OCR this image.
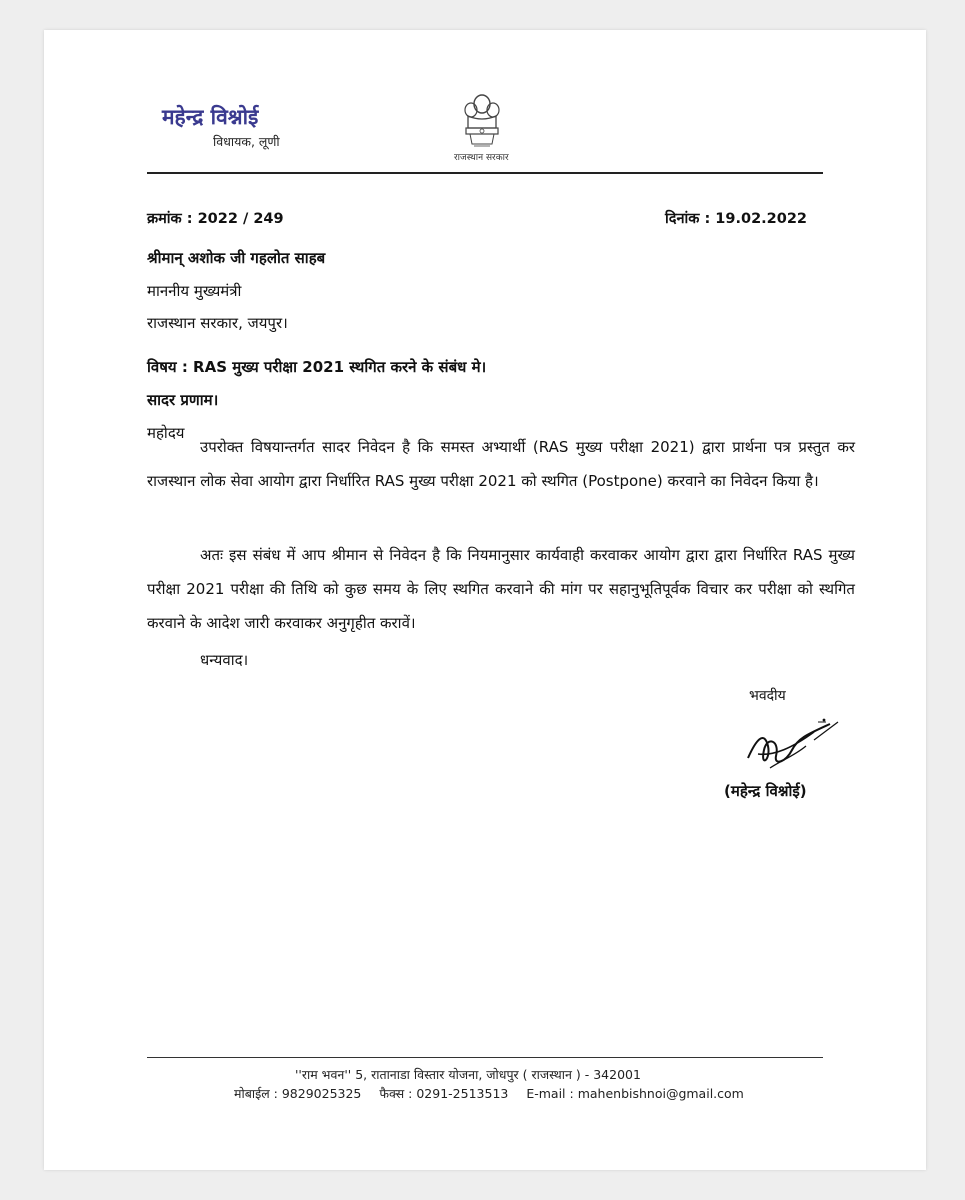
महेन्द्र विश्नोई
विधायक, लूणी
राजस्थान सरकार
क्रमांक : 2022 / 249	दिनांक : 19.02.2022
श्रीमान् अशोक जी गहलोत साहब
माननीय मुख्यमंत्री
राजस्थान सरकार, जयपुर।
विषय : RAS मुख्य परीक्षा 2021 स्थगित करने के संबंध मे।
सादर प्रणाम।
महोदय

उपरोक्त विषयान्तर्गत सादर निवेदन है कि समस्त अभ्यार्थी (RAS मुख्य परीक्षा 2021) द्वारा प्रार्थना पत्र प्रस्तुत कर राजस्थान लोक सेवा आयोग द्वारा निर्धारित RAS मुख्य परीक्षा 2021 को स्थगित (Postpone) करवाने का निवेदन किया है।

अतः इस संबंध में आप श्रीमान से निवेदन है कि नियमानुसार कार्यवाही करवाकर आयोग द्वारा द्वारा निर्धारित RAS मुख्य परीक्षा 2021 परीक्षा की तिथि को कुछ समय के लिए स्थगित करवाने की मांग पर सहानुभूतिपूर्वक विचार कर परीक्षा को स्थगित करवाने के आदेश जारी करवाकर अनुगृहीत करावें।

धन्यवाद।
भवदीय
(महेन्द्र विश्नोई)
''राम भवन'' 5, रातानाडा विस्तार योजना, जोधपुर ( राजस्थान ) - 342001
मोबाईल : 9829025325 फैक्स : 0291-2513513 E-mail : mahenbishnoi@gmail.com
